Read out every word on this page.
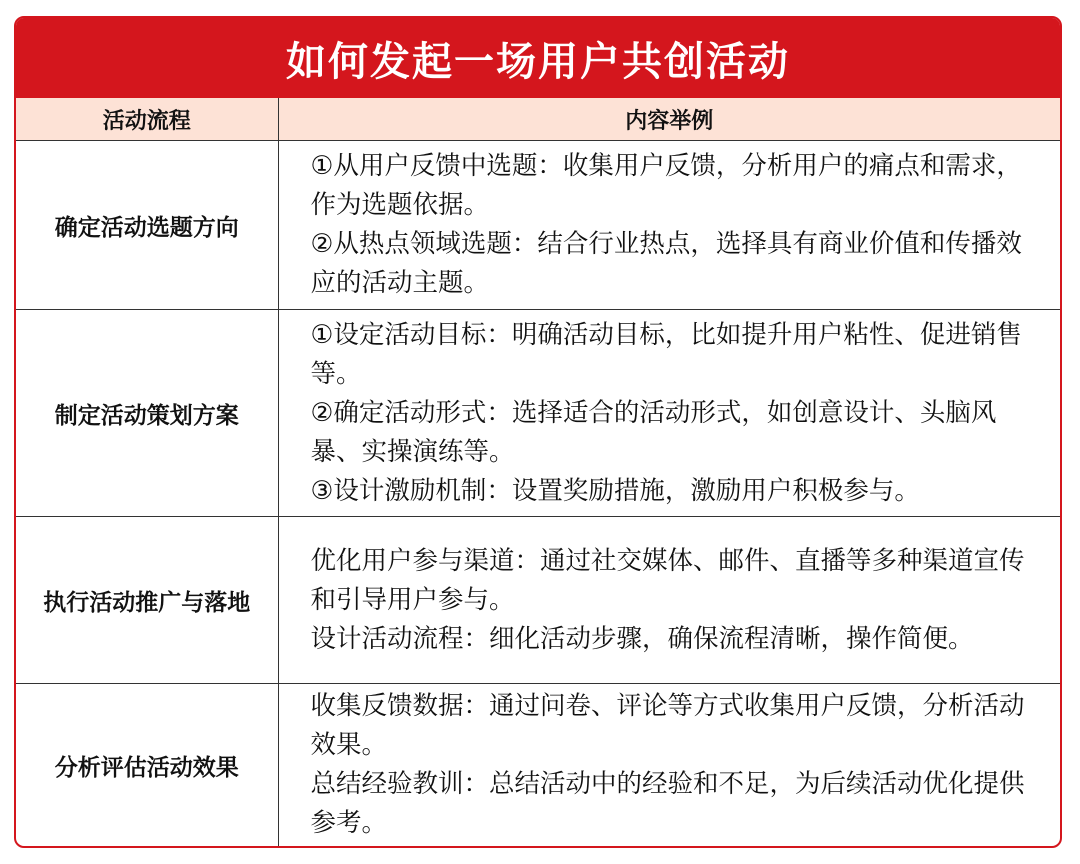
如何发起一场用户共创活动
活动流程	内容举例
确定活动选题方向	①从用户反馈中选题：收集用户反馈，分析用户的痛点和需求，作为选题依据。
②从热点领域选题：结合行业热点，选择具有商业价值和传播效应的活动主题。

制定活动策划方案	①设定活动目标：明确活动目标，比如提升用户粘性、促进销售等。
②确定活动形式：选择适合的活动形式，如创意设计、头脑风暴、实操演练等。
③设计激励机制：设置奖励措施，激励用户积极参与。

执行活动推广与落地	优化用户参与渠道：通过社交媒体、邮件、直播等多种渠道宣传和引导用户参与。
设计活动流程：细化活动步骤，确保流程清晰，操作简便。

分析评估活动效果	收集反馈数据：通过问卷、评论等方式收集用户反馈，分析活动效果。
总结经验教训：总结活动中的经验和不足，为后续活动优化提供参考。
